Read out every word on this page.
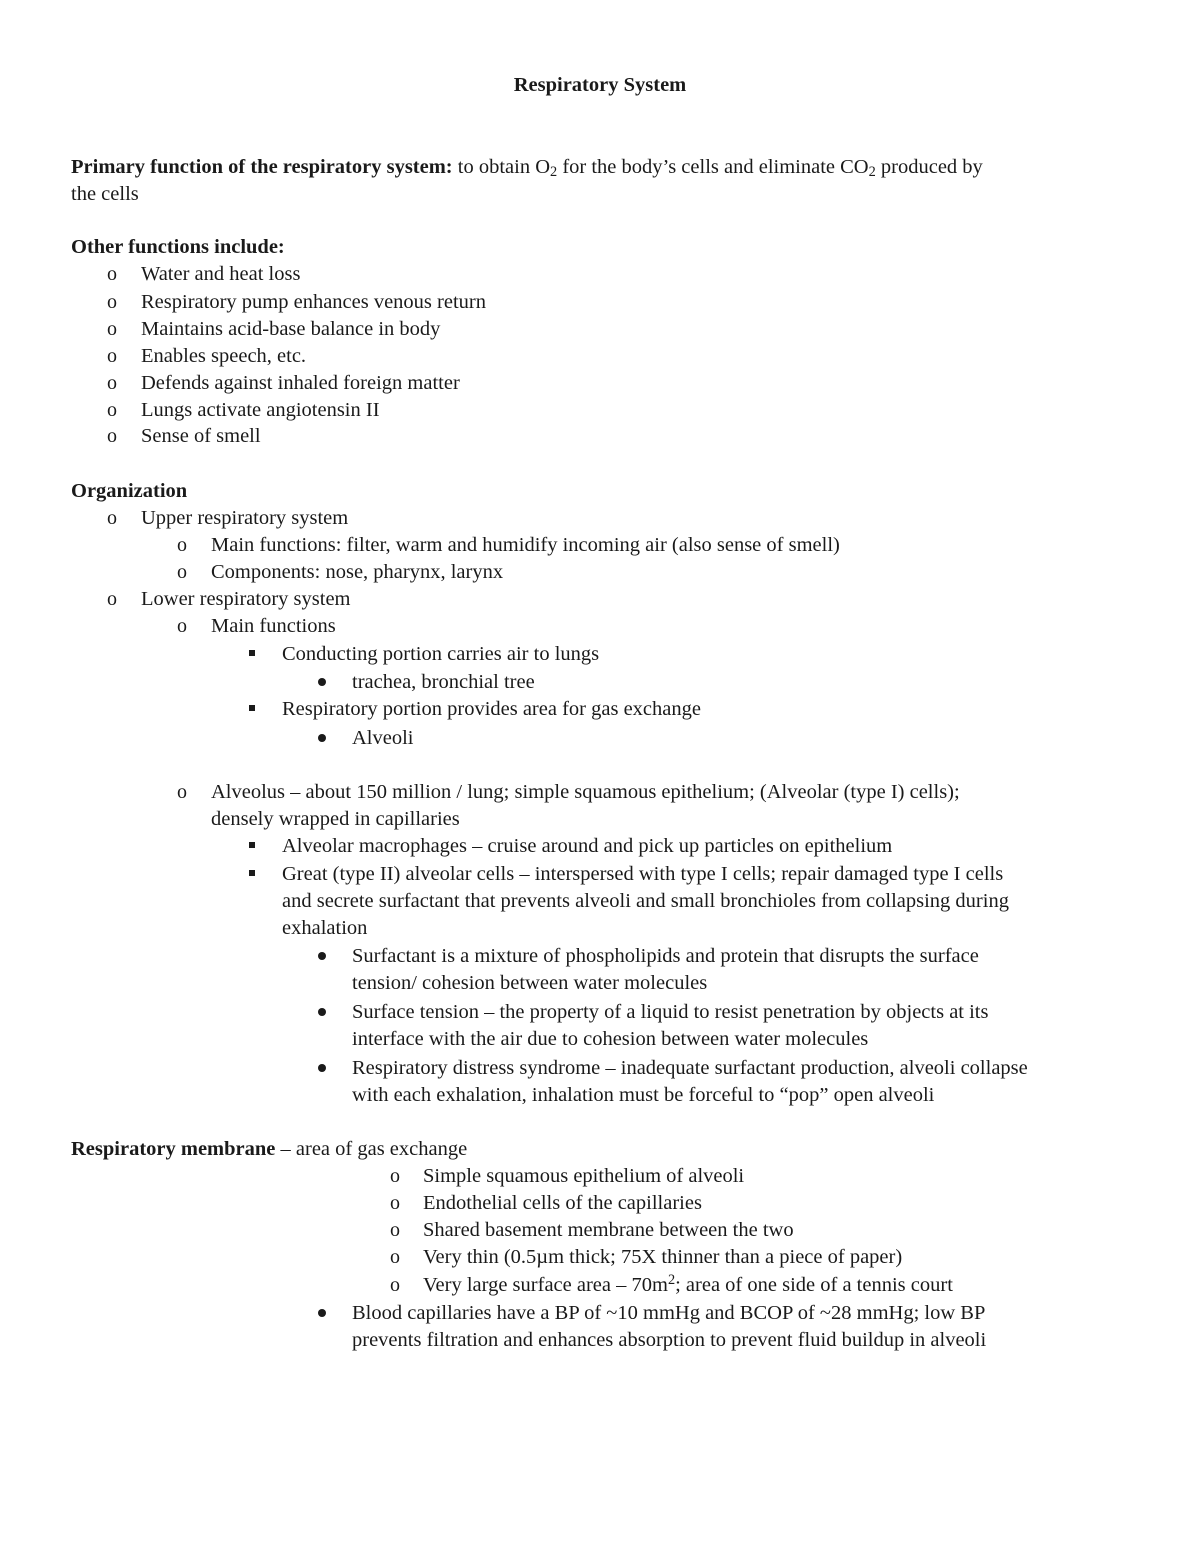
Respiratory System
Primary function of the respiratory system: to obtain $O_2$ for the body’s cells and eliminate $CO_2$ produced by
the cells
Other functions include:
o Water and heat loss
o Respiratory pump enhances venous return
o Maintains acid-base balance in body
o Enables speech, etc.
o Defends against inhaled foreign matter
o Lungs activate angiotensin II
o Sense of smell
Organization
o Upper respiratory system
o Main functions: filter, warm and humidify incoming air (also sense of smell)
o Components: nose, pharynx, larynx
o Lower respiratory system
o Main functions
Conducting portion carries air to lungs
trachea, bronchial tree
Respiratory portion provides area for gas exchange
Alveoli
o Alveolus – about 150 million / lung; simple squamous epithelium; (Alveolar (type I) cells);
densely wrapped in capillaries
Alveolar macrophages – cruise around and pick up particles on epithelium
Great (type II) alveolar cells – interspersed with type I cells; repair damaged type I cells
and secrete surfactant that prevents alveoli and small bronchioles from collapsing during
exhalation
Surfactant is a mixture of phospholipids and protein that disrupts the surface
tension/ cohesion between water molecules
Surface tension – the property of a liquid to resist penetration by objects at its
interface with the air due to cohesion between water molecules
Respiratory distress syndrome – inadequate surfactant production, alveoli collapse
with each exhalation, inhalation must be forceful to “pop” open alveoli
Respiratory membrane – area of gas exchange
o Simple squamous epithelium of alveoli
o Endothelial cells of the capillaries
o Shared basement membrane between the two
o Very thin (0.5µm thick; 75X thinner than a piece of paper)
o Very large surface area – $70m^2$; area of one side of a tennis court
Blood capillaries have a BP of ~10 mmHg and BCOP of ~28 mmHg; low BP
prevents filtration and enhances absorption to prevent fluid buildup in alveoli
